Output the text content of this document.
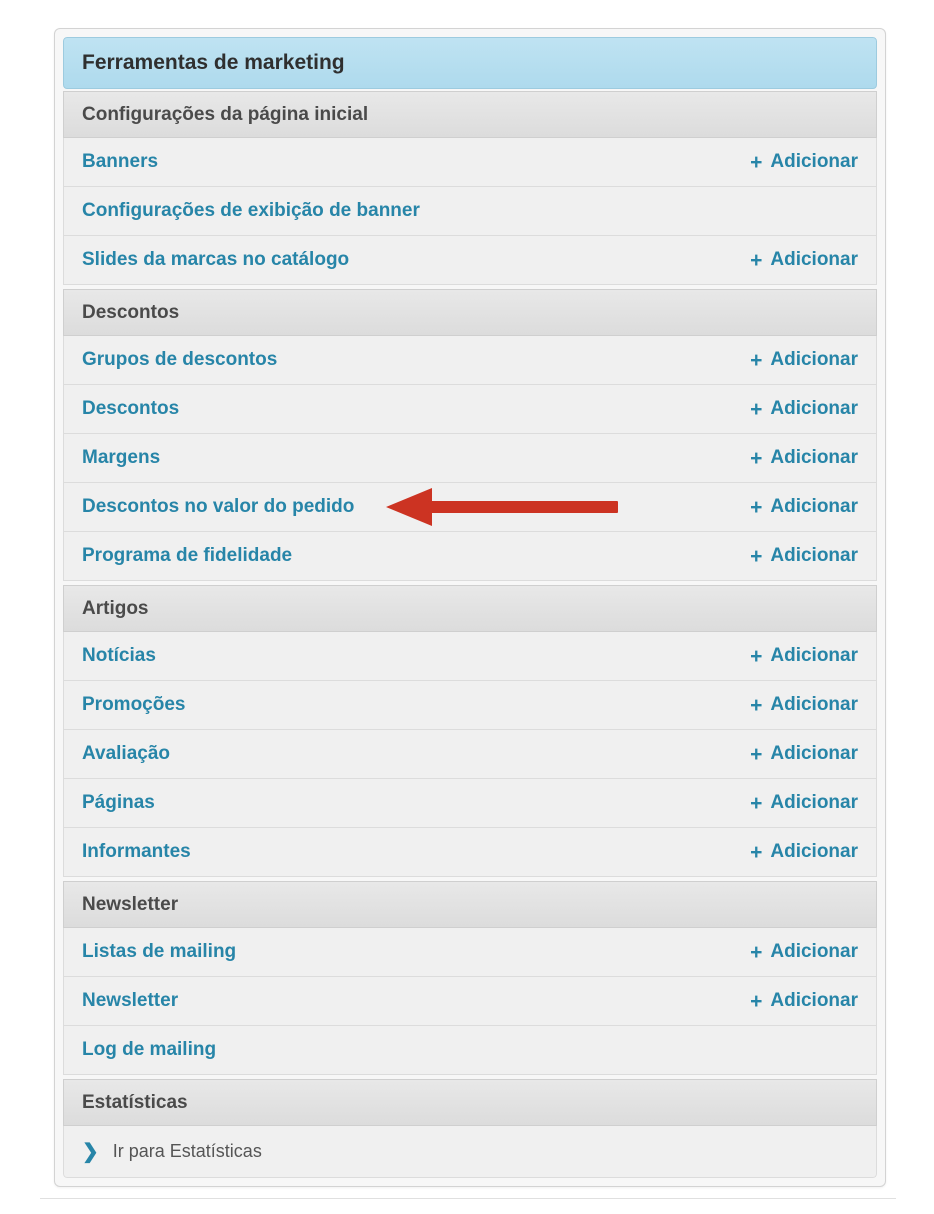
Ferramentas de marketing
Configurações da página inicial
Banners	+ Adicionar
Configurações de exibição de banner
Slides da marcas no catálogo	+ Adicionar
Descontos
Grupos de descontos	+ Adicionar
Descontos	+ Adicionar
Margens	+ Adicionar
Descontos no valor do pedido	+ Adicionar
Programa de fidelidade	+ Adicionar
Artigos
Notícias	+ Adicionar
Promoções	+ Adicionar
Avaliação	+ Adicionar
Páginas	+ Adicionar
Informantes	+ Adicionar
Newsletter
Listas de mailing	+ Adicionar
Newsletter	+ Adicionar
Log de mailing
Estatísticas
❯ Ir para Estatísticas
